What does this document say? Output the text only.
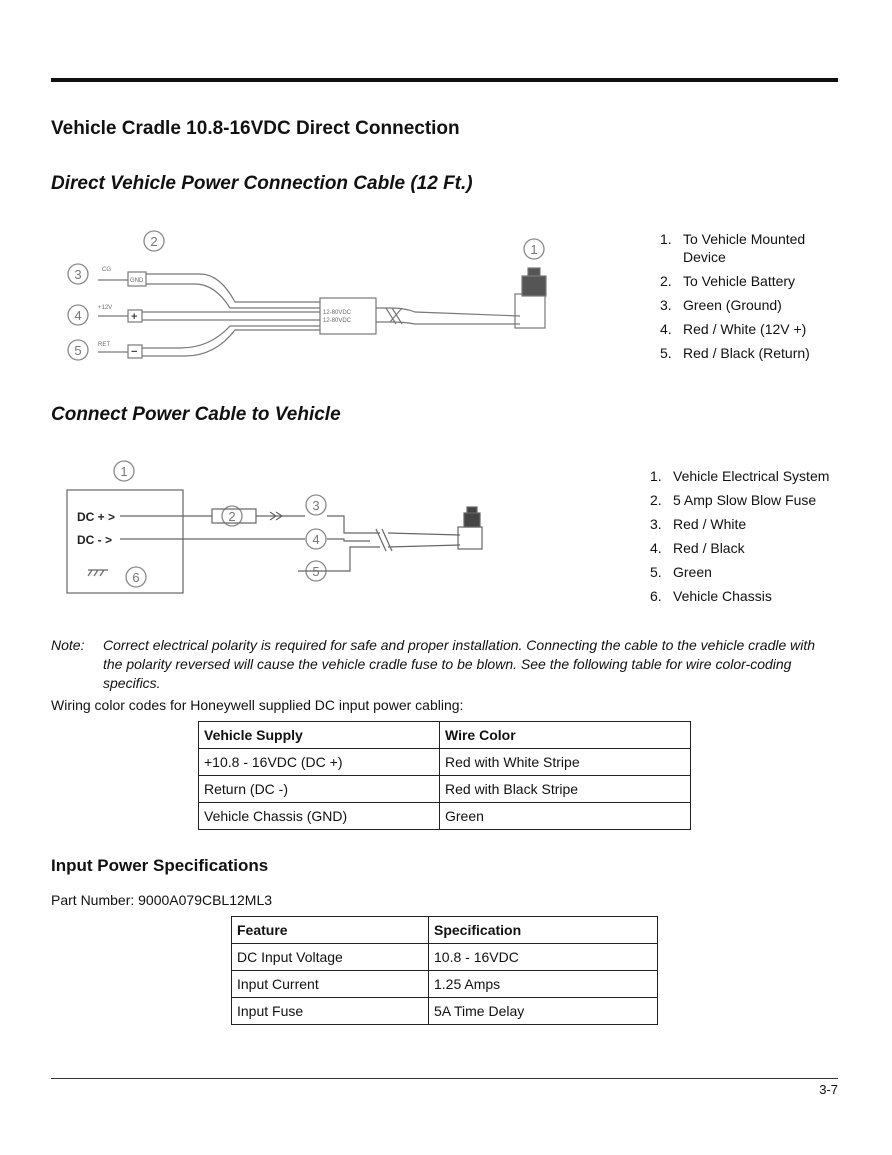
Vehicle Cradle 10.8-16VDC Direct Connection
Direct Vehicle Power Connection Cable (12 Ft.)
2
3
4
5
1
CG
GND
+12V
RET
12-80VDC
12-80VDC
+
−
1. To Vehicle Mounted Device
2. To Vehicle Battery
3. Green (Ground)
4. Red / White (12V +)
5. Red / Black (Return)
Connect Power Cable to Vehicle
1
2
3
4
5
6
DC + >
DC - >
1. Vehicle Electrical System
2. 5 Amp Slow Blow Fuse
3. Red / White
4. Red / Black
5. Green
6. Vehicle Chassis
Note: Correct electrical polarity is required for safe and proper installation. Connecting the cable to the vehicle cradle with the polarity reversed will cause the vehicle cradle fuse to be blown. See the following table for wire color-coding specifics.
Wiring color codes for Honeywell supplied DC input power cabling:
Vehicle Supply	Wire Color
+10.8 - 16VDC (DC +)	Red with White Stripe
Return (DC -)	Red with Black Stripe
Vehicle Chassis (GND)	Green
Input Power Specifications
Part Number: 9000A079CBL12ML3
Feature	Specification
DC Input Voltage	10.8 - 16VDC
Input Current	1.25 Amps
Input Fuse	5A Time Delay
3-7
